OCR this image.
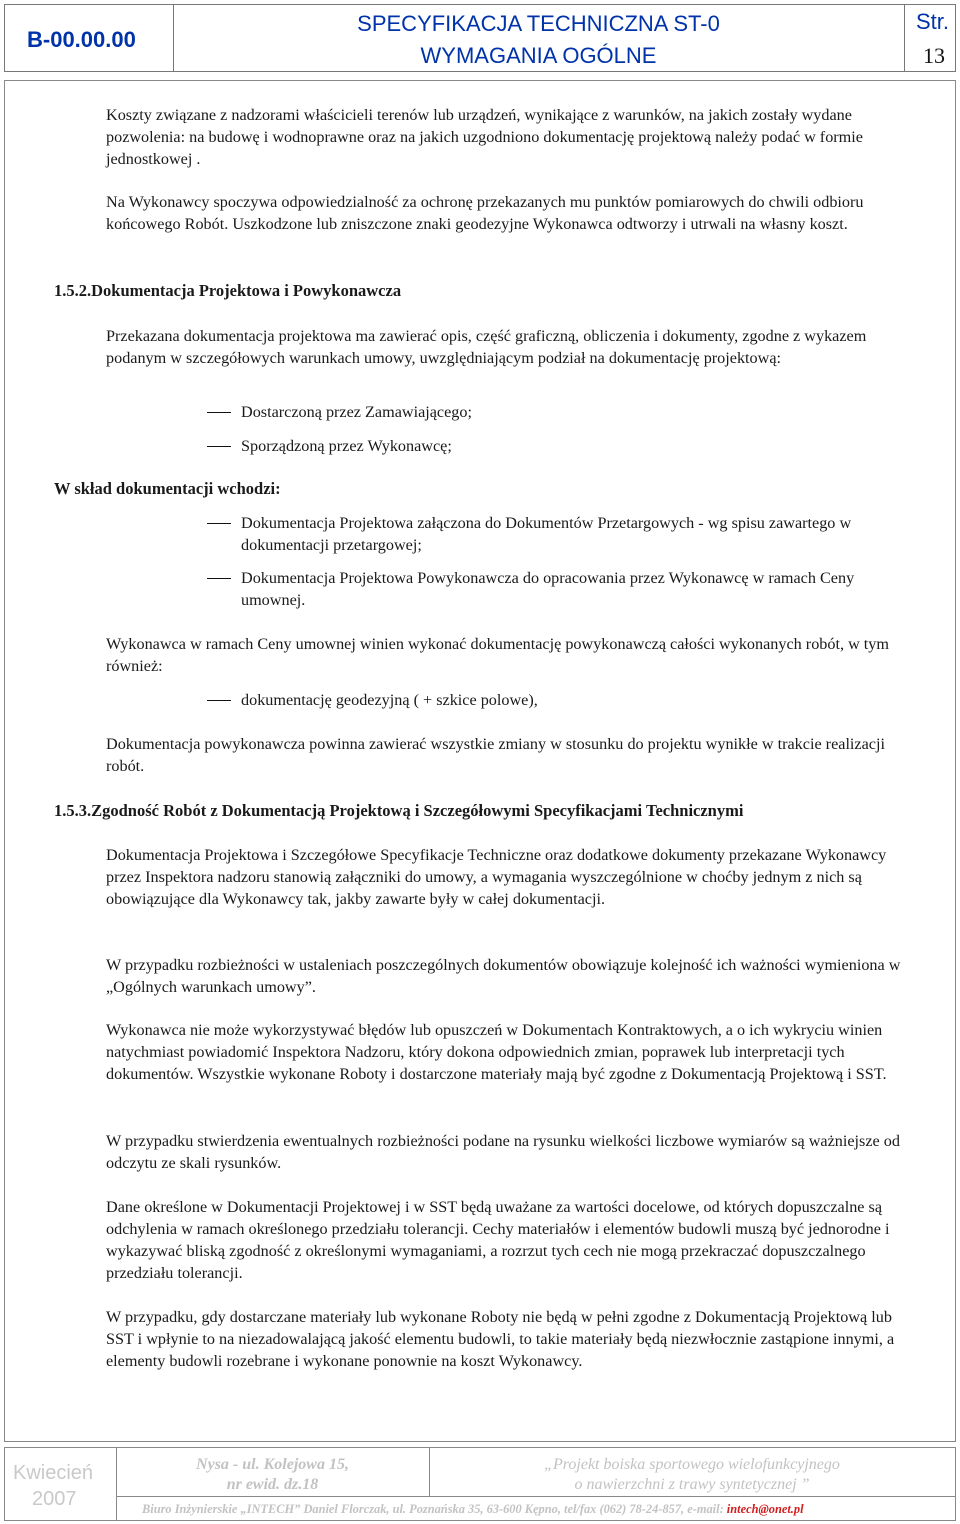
B-00.00.00
SPECYFIKACJA TECHNICZNA ST-0
WYMAGANIA OGÓLNE
Str.
13

Koszty związane z nadzorami właścicieli terenów lub urządzeń, wynikające z warunków, na jakich zostały wydane pozwolenia: na budowę i wodnoprawne oraz na jakich uzgodniono dokumentację projektową należy podać w formie jednostkowej .

Na Wykonawcy spoczywa odpowiedzialność za ochronę przekazanych mu punktów pomiarowych do chwili odbioru końcowego Robót. Uszkodzone lub zniszczone znaki geodezyjne Wykonawca odtworzy i utrwali na własny koszt.

1.5.2.Dokumentacja Projektowa i Powykonawcza

Przekazana dokumentacja projektowa ma zawierać opis, część graficzną, obliczenia i dokumenty, zgodne z wykazem podanym w szczegółowych warunkach umowy, uwzględniającym podział na dokumentację projektową:

Dostarczoną przez Zamawiającego;

Sporządzoną przez Wykonawcę;

W skład dokumentacji wchodzi:

Dokumentacja Projektowa załączona do Dokumentów Przetargowych - wg spisu zawartego w dokumentacji przetargowej;

Dokumentacja Projektowa Powykonawcza do opracowania przez Wykonawcę w ramach Ceny umownej.

Wykonawca w ramach Ceny umownej winien wykonać dokumentację powykonawczą całości wykonanych robót, w tym również:

dokumentację geodezyjną ( + szkice polowe),

Dokumentacja powykonawcza powinna zawierać wszystkie zmiany w stosunku do projektu wynikłe w trakcie realizacji robót.

1.5.3.Zgodność Robót z Dokumentacją Projektową i Szczegółowymi Specyfikacjami Technicznymi

Dokumentacja Projektowa i Szczegółowe Specyfikacje Techniczne oraz dodatkowe dokumenty przekazane Wykonawcy przez Inspektora nadzoru stanowią załączniki do umowy, a wymagania wyszczególnione w choćby jednym z nich są obowiązujące dla Wykonawcy tak, jakby zawarte były w całej dokumentacji.

W przypadku rozbieżności w ustaleniach poszczególnych dokumentów obowiązuje kolejność ich ważności wymieniona w „Ogólnych warunkach umowy”.

Wykonawca nie może wykorzystywać błędów lub opuszczeń w Dokumentach Kontraktowych, a o ich wykryciu winien natychmiast powiadomić Inspektora Nadzoru, który dokona odpowiednich zmian, poprawek lub interpretacji tych dokumentów. Wszystkie wykonane Roboty i dostarczone materiały mają być zgodne z Dokumentacją Projektową i SST.

W przypadku stwierdzenia ewentualnych rozbieżności podane na rysunku wielkości liczbowe wymiarów są ważniejsze od odczytu ze skali rysunków.

Dane określone w Dokumentacji Projektowej i w SST będą uważane za wartości docelowe, od których dopuszczalne są odchylenia w ramach określonego przedziału tolerancji. Cechy materiałów i elementów budowli muszą być jednorodne i wykazywać bliską zgodność z określonymi wymaganiami, a rozrzut tych cech nie mogą przekraczać dopuszczalnego przedziału tolerancji.

W przypadku, gdy dostarczane materiały lub wykonane Roboty nie będą w pełni zgodne z Dokumentacją Projektową lub SST i wpłynie to na niezadowalającą jakość elementu budowli, to takie materiały będą niezwłocznie zastąpione innymi, a elementy budowli rozebrane i wykonane ponownie na koszt Wykonawcy.

Kwiecień
2007
Nysa - ul. Kolejowa 15,
nr ewid. dz.18
„Projekt boiska sportowego wielofunkcyjnego
o nawierzchni z trawy syntetycznej ”
Biuro Inżynierskie „INTECH” Daniel Florczak, ul. Poznańska 35, 63-600 Kępno, tel/fax (062) 78-24-857, e-mail: intech@onet.pl
